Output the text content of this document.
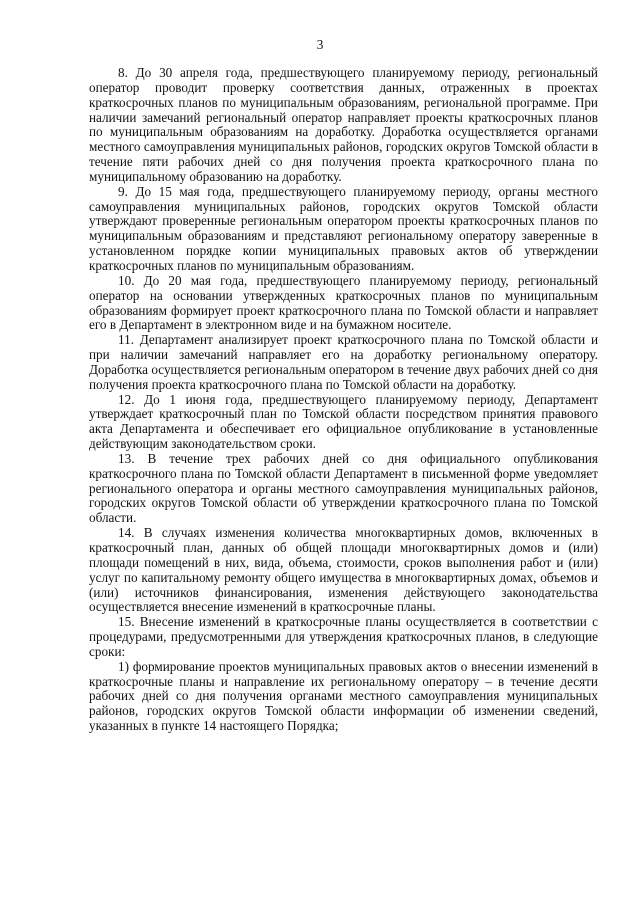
3

8. До 30 апреля года, предшествующего планируемому периоду, региональный оператор проводит проверку соответствия данных, отраженных в проектах краткосрочных планов по муниципальным образованиям, региональной программе. При наличии замечаний региональный оператор направляет проекты краткосрочных планов по муниципальным образованиям на доработку. Доработка осуществляется органами местного самоуправления муниципальных районов, городских округов Томской области в течение пяти рабочих дней со дня получения проекта краткосрочного плана по муниципальному образованию на доработку.

9. До 15 мая года, предшествующего планируемому периоду, органы местного самоуправления муниципальных районов, городских округов Томской области утверждают проверенные региональным оператором проекты краткосрочных планов по муниципальным образованиям и представляют региональному оператору заверенные в установленном порядке копии муниципальных правовых актов об утверждении краткосрочных планов по муниципальным образованиям.

10. До 20 мая года, предшествующего планируемому периоду, региональный оператор на основании утвержденных краткосрочных планов по муниципальным образованиям формирует проект краткосрочного плана по Томской области и направляет его в Департамент в электронном виде и на бумажном носителе.

11. Департамент анализирует проект краткосрочного плана по Томской области и при наличии замечаний направляет его на доработку региональному оператору. Доработка осуществляется региональным оператором в течение двух рабочих дней со дня получения проекта краткосрочного плана по Томской области на доработку.

12. До 1 июня года, предшествующего планируемому периоду, Департамент утверждает краткосрочный план по Томской области посредством принятия правового акта Департамента и обеспечивает его официальное опубликование в установленные действующим законодательством сроки.

13. В течение трех рабочих дней со дня официального опубликования краткосрочного плана по Томской области Департамент в письменной форме уведомляет регионального оператора и органы местного самоуправления муниципальных районов, городских округов Томской области об утверждении краткосрочного плана по Томской области.

14. В случаях изменения количества многоквартирных домов, включенных в краткосрочный план, данных об общей площади многоквартирных домов и (или) площади помещений в них, вида, объема, стоимости, сроков выполнения работ и (или) услуг по капитальному ремонту общего имущества в многоквартирных домах, объемов и (или) источников финансирования, изменения действующего законодательства осуществляется внесение изменений в краткосрочные планы.

15. Внесение изменений в краткосрочные планы осуществляется в соответствии с процедурами, предусмотренными для утверждения краткосрочных планов, в следующие сроки:

1) формирование проектов муниципальных правовых актов о внесении изменений в краткосрочные планы и направление их региональному оператору – в течение десяти рабочих дней со дня получения органами местного самоуправления муниципальных районов, городских округов Томской области информации об изменении сведений, указанных в пункте 14 настоящего Порядка;
